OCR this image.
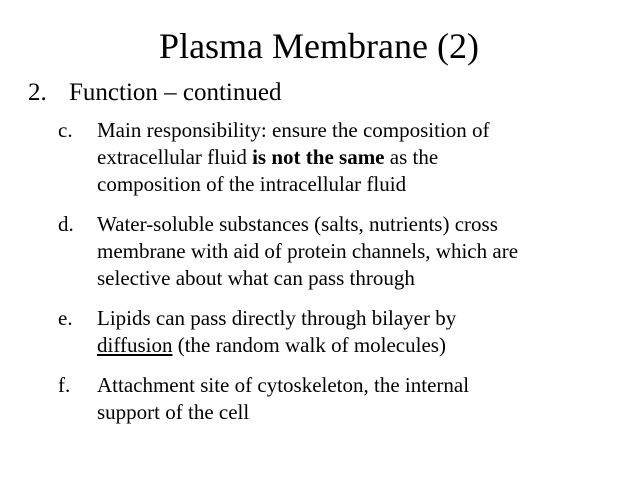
Plasma Membrane (2)
2. Function – continued
c. Main responsibility: ensure the composition of
extracellular fluid is not the same as the
composition of the intracellular fluid
d. Water-soluble substances (salts, nutrients) cross
membrane with aid of protein channels, which are
selective about what can pass through
e. Lipids can pass directly through bilayer by
diffusion (the random walk of molecules)
f. Attachment site of cytoskeleton, the internal
support of the cell
